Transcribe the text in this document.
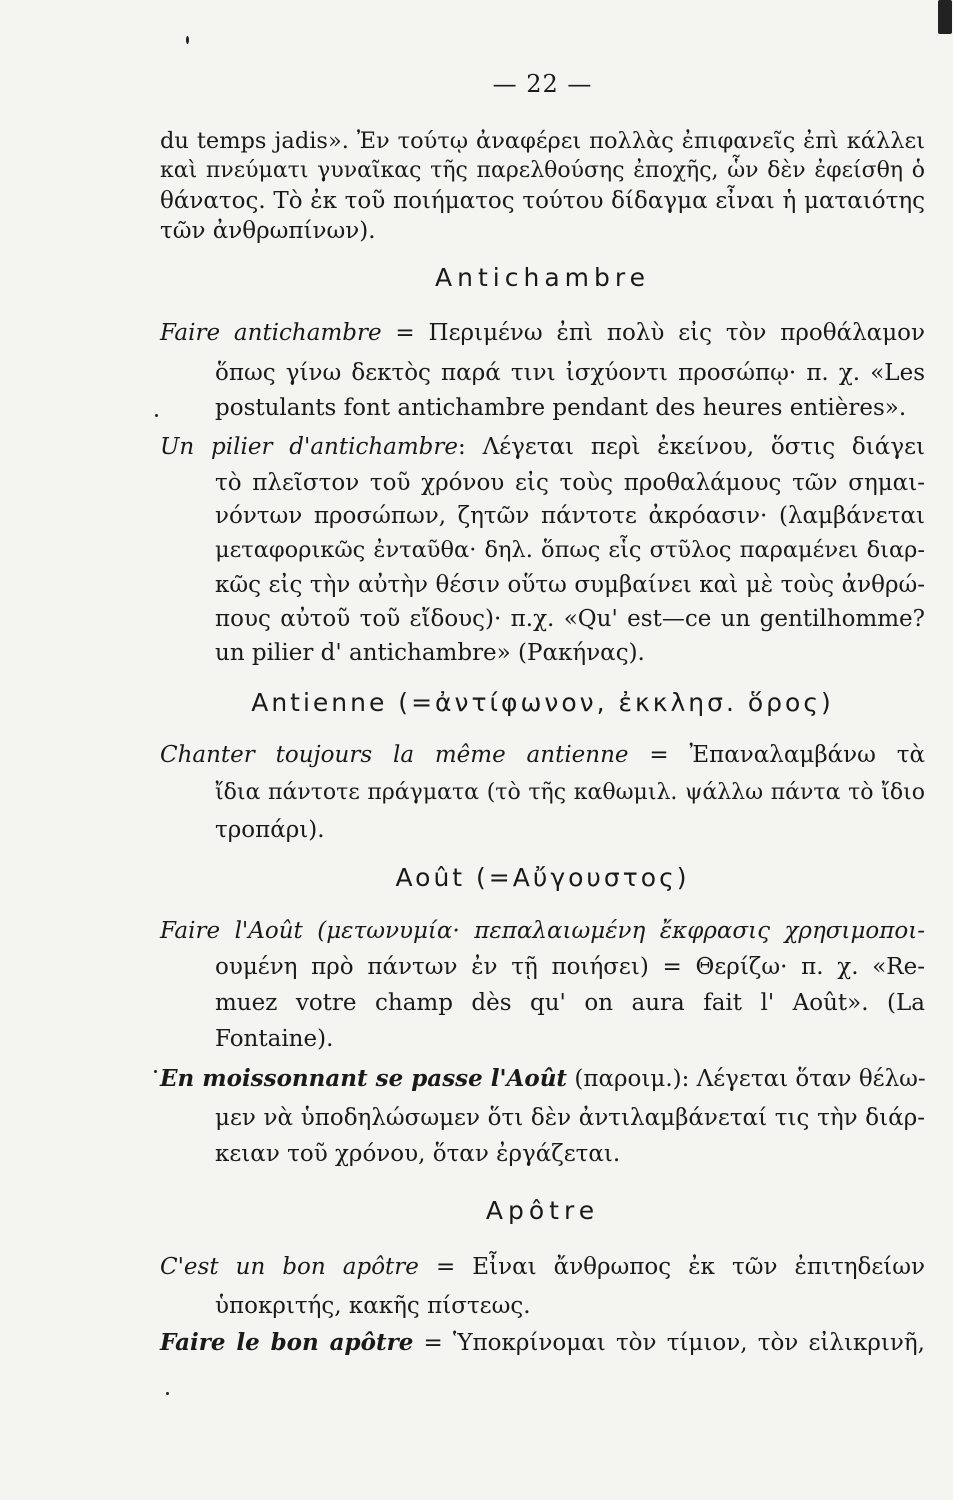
— 22 —
du temps jadis». Ἐν τούτῳ ἀναφέρει πολλὰς ἐπιφανεῖς ἐπὶ κάλλει
καὶ πνεύματι γυναῖκας τῆς παρελθούσης ἐποχῆς, ὧν δὲν ἐφείσθη ὁ
θάνατος. Τὸ ἐκ τοῦ ποιήματος τούτου δίδαγμα εἶναι ἡ ματαιότης
τῶν ἀνθρωπίνων).
Antichambre
Faire antichambre = Περιμένω ἐπὶ πολὺ εἰς τὸν προθάλαμον
ὅπως γίνω δεκτὸς παρά τινι ἰσχύοντι προσώπῳ· π. χ. «Les
postulants font antichambre pendant des heures entières».
Un pilier d'antichambre: Λέγεται περὶ ἐκείνου, ὅστις διάγει
τὸ πλεῖστον τοῦ χρόνου εἰς τοὺς προθαλάμους τῶν σημαι-
νόντων προσώπων, ζητῶν πάντοτε ἀκρόασιν· (λαμβάνεται
μεταφορικῶς ἐνταῦθα· δηλ. ὅπως εἷς στῦλος παραμένει διαρ-
κῶς εἰς τὴν αὐτὴν θέσιν οὕτω συμβαίνει καὶ μὲ τοὺς ἀνθρώ-
πους αὐτοῦ τοῦ εἴδους)· π.χ. «Qu' est—ce un gentilhomme?
un pilier d' antichambre» (Ρακήνας).
Antienne (=ἀντίφωνον, ἐκκλησ. ὅρος)
Chanter toujours la même antienne = Ἐπαναλαμβάνω τὰ
ἴδια πάντοτε πράγματα (τὸ τῆς καθωμιλ. ψάλλω πάντα τὸ ἴδιο
τροπάρι).
Août (=Αὔγουστος)
Faire l'Août (μετωνυμία· πεπαλαιωμένη ἔκφρασις χρησιμοποι-
ουμένη πρὸ πάντων ἐν τῇ ποιήσει) = Θερίζω· π. χ. «Re-
muez votre champ dès qu' on aura fait l' Août». (La
Fontaine).
En moissonnant se passe l'Août (παροιμ.): Λέγεται ὅταν θέλω-
μεν νὰ ὑποδηλώσωμεν ὅτι δὲν ἀντιλαμβάνεταί τις τὴν διάρ-
κειαν τοῦ χρόνου, ὅταν ἐργάζεται.
Apôtre
C'est un bon apôtre = Εἶναι ἄνθρωπος ἐκ τῶν ἐπιτηδείων
ὑποκριτής, κακῆς πίστεως.
Faire le bon apôtre = Ὑποκρίνομαι τὸν τίμιον, τὸν εἰλικρινῆ,
